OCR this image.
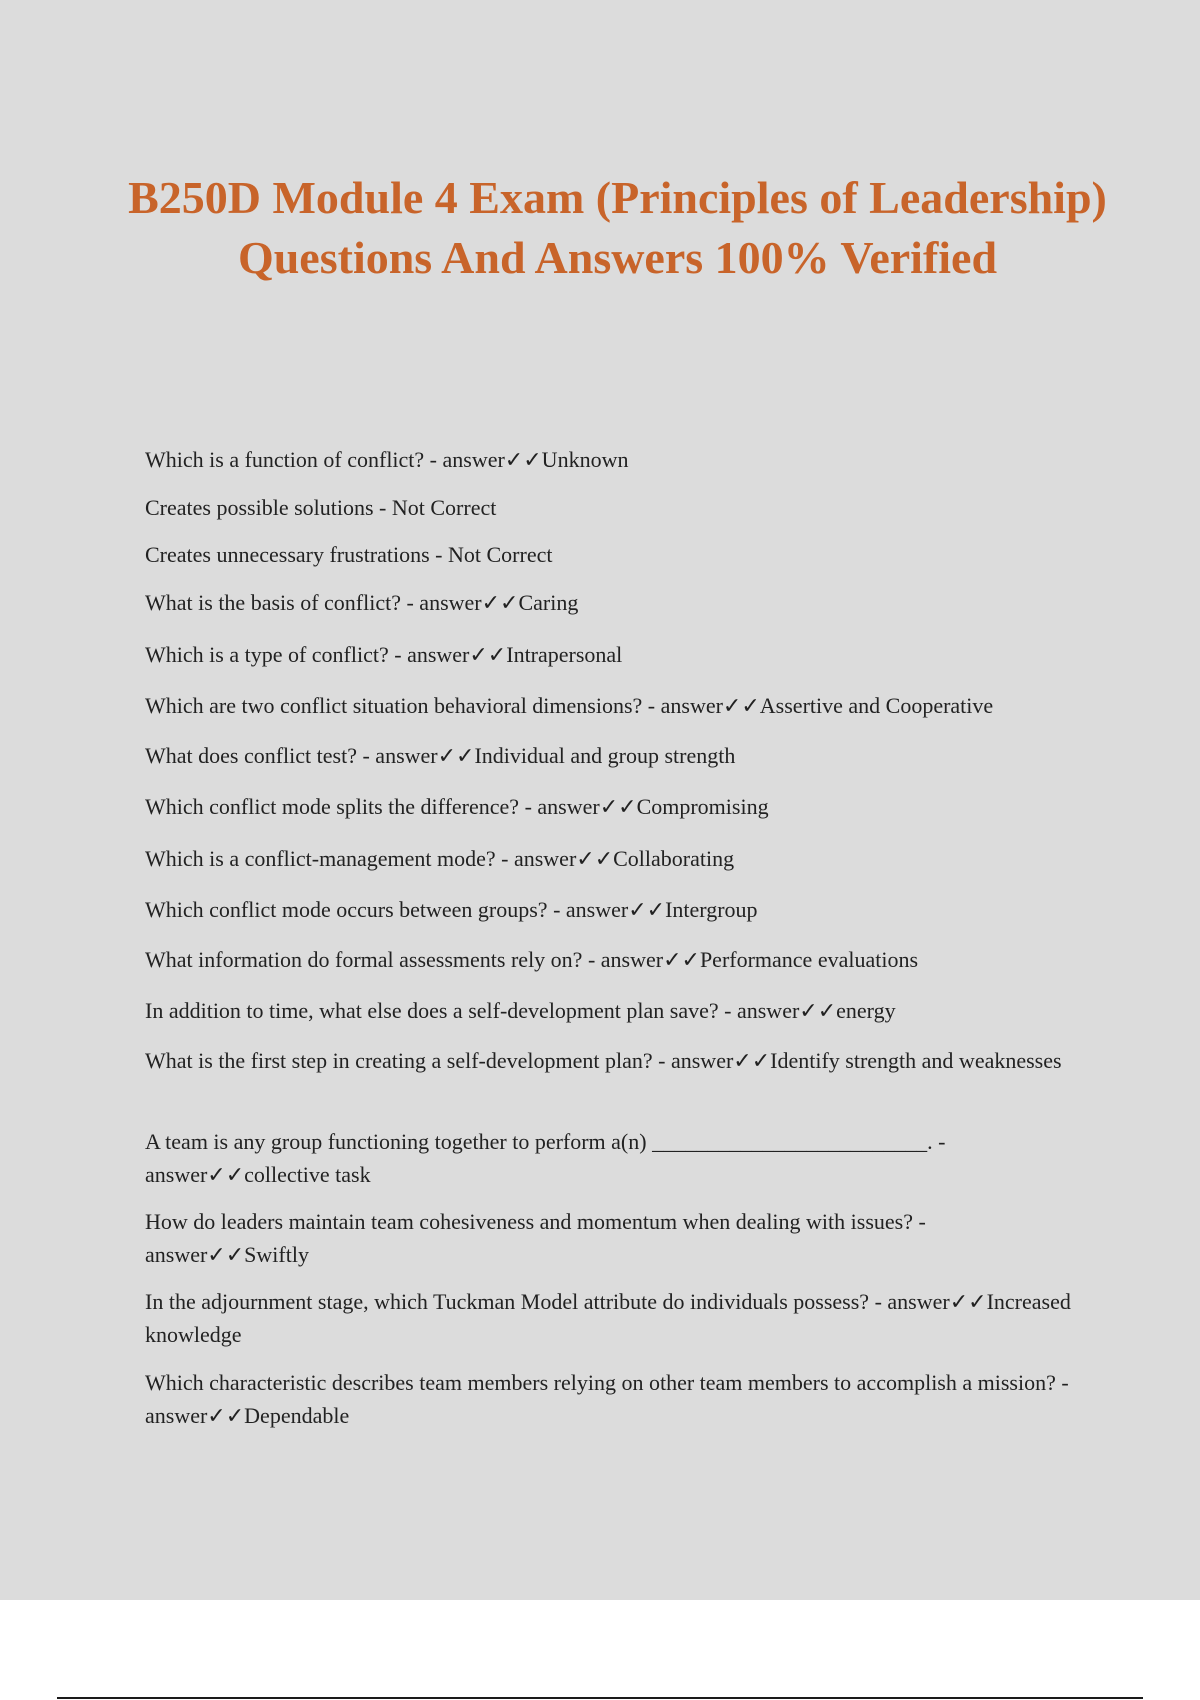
B250D Module 4 Exam (Principles of Leadership) Questions And Answers 100% Verified
Which is a function of conflict? - answer✓✓Unknown
Creates possible solutions - Not Correct
Creates unnecessary frustrations - Not Correct
What is the basis of conflict? - answer✓✓Caring
Which is a type of conflict? - answer✓✓Intrapersonal
Which are two conflict situation behavioral dimensions? - answer✓✓Assertive and Cooperative
What does conflict test? - answer✓✓Individual and group strength
Which conflict mode splits the difference? - answer✓✓Compromising
Which is a conflict-management mode? - answer✓✓Collaborating
Which conflict mode occurs between groups? - answer✓✓Intergroup
What information do formal assessments rely on? - answer✓✓Performance evaluations
In addition to time, what else does a self-development plan save? - answer✓✓energy
What is the first step in creating a self-development plan? - answer✓✓Identify strength and weaknesses
A team is any group functioning together to perform a(n) _________________________. - answer✓✓collective task
How do leaders maintain team cohesiveness and momentum when dealing with issues? - answer✓✓Swiftly
In the adjournment stage, which Tuckman Model attribute do individuals possess? - answer✓✓Increased knowledge
Which characteristic describes team members relying on other team members to accomplish a mission? - answer✓✓Dependable
